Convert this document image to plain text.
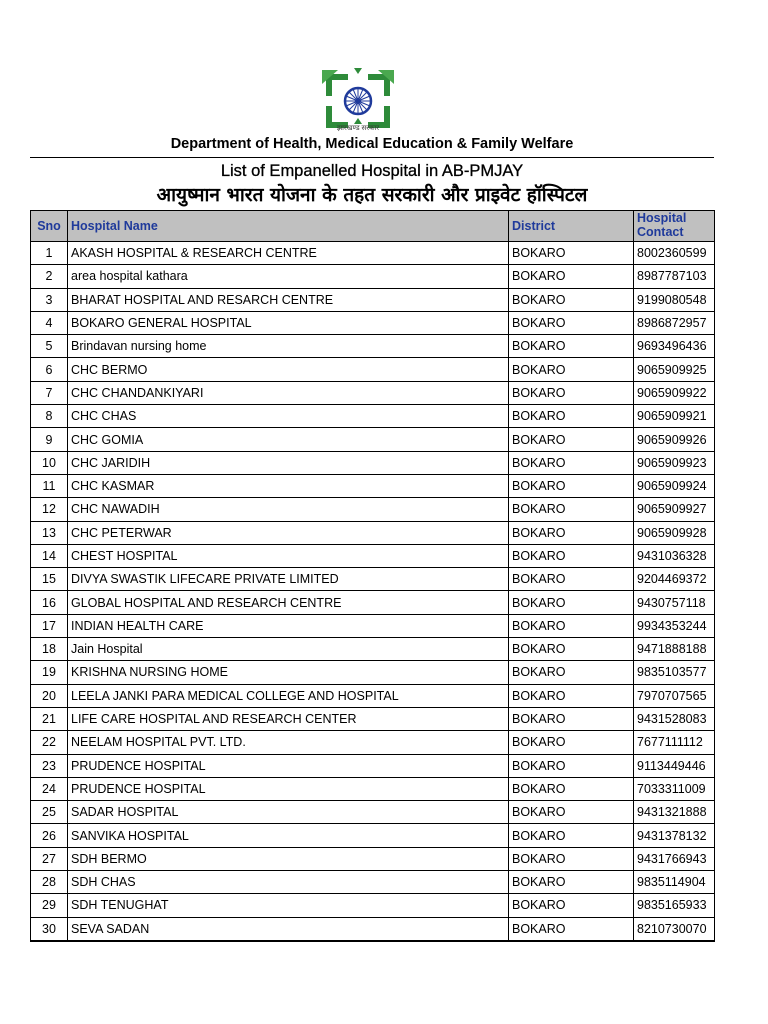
झारखण्ड सरकार
Department of Health, Medical Education & Family Welfare
List of Empanelled Hospital in AB-PMJAY
आयुष्मान भारत योजना के तहत सरकारी और प्राइवेट हॉस्पिटल
Sno	Hospital Name	District	Hospital Contact
1	AKASH HOSPITAL & RESEARCH CENTRE	BOKARO	8002360599
2	area hospital kathara	BOKARO	8987787103
3	BHARAT HOSPITAL AND RESARCH CENTRE	BOKARO	9199080548
4	BOKARO GENERAL HOSPITAL	BOKARO	8986872957
5	Brindavan nursing home	BOKARO	9693496436
6	CHC BERMO	BOKARO	9065909925
7	CHC CHANDANKIYARI	BOKARO	9065909922
8	CHC CHAS	BOKARO	9065909921
9	CHC GOMIA	BOKARO	9065909926
10	CHC JARIDIH	BOKARO	9065909923
11	CHC KASMAR	BOKARO	9065909924
12	CHC NAWADIH	BOKARO	9065909927
13	CHC PETERWAR	BOKARO	9065909928
14	CHEST HOSPITAL	BOKARO	9431036328
15	DIVYA SWASTIK LIFECARE PRIVATE LIMITED	BOKARO	9204469372
16	GLOBAL HOSPITAL AND RESEARCH CENTRE	BOKARO	9430757118
17	INDIAN HEALTH CARE	BOKARO	9934353244
18	Jain Hospital	BOKARO	9471888188
19	KRISHNA NURSING HOME	BOKARO	9835103577
20	LEELA JANKI PARA MEDICAL COLLEGE AND HOSPITAL	BOKARO	7970707565
21	LIFE CARE HOSPITAL AND RESEARCH CENTER	BOKARO	9431528083
22	NEELAM HOSPITAL PVT. LTD.	BOKARO	7677111112
23	PRUDENCE HOSPITAL	BOKARO	9113449446
24	PRUDENCE HOSPITAL	BOKARO	7033311009
25	SADAR HOSPITAL	BOKARO	9431321888
26	SANVIKA HOSPITAL	BOKARO	9431378132
27	SDH BERMO	BOKARO	9431766943
28	SDH CHAS	BOKARO	9835114904
29	SDH TENUGHAT	BOKARO	9835165933
30	SEVA SADAN	BOKARO	8210730070
